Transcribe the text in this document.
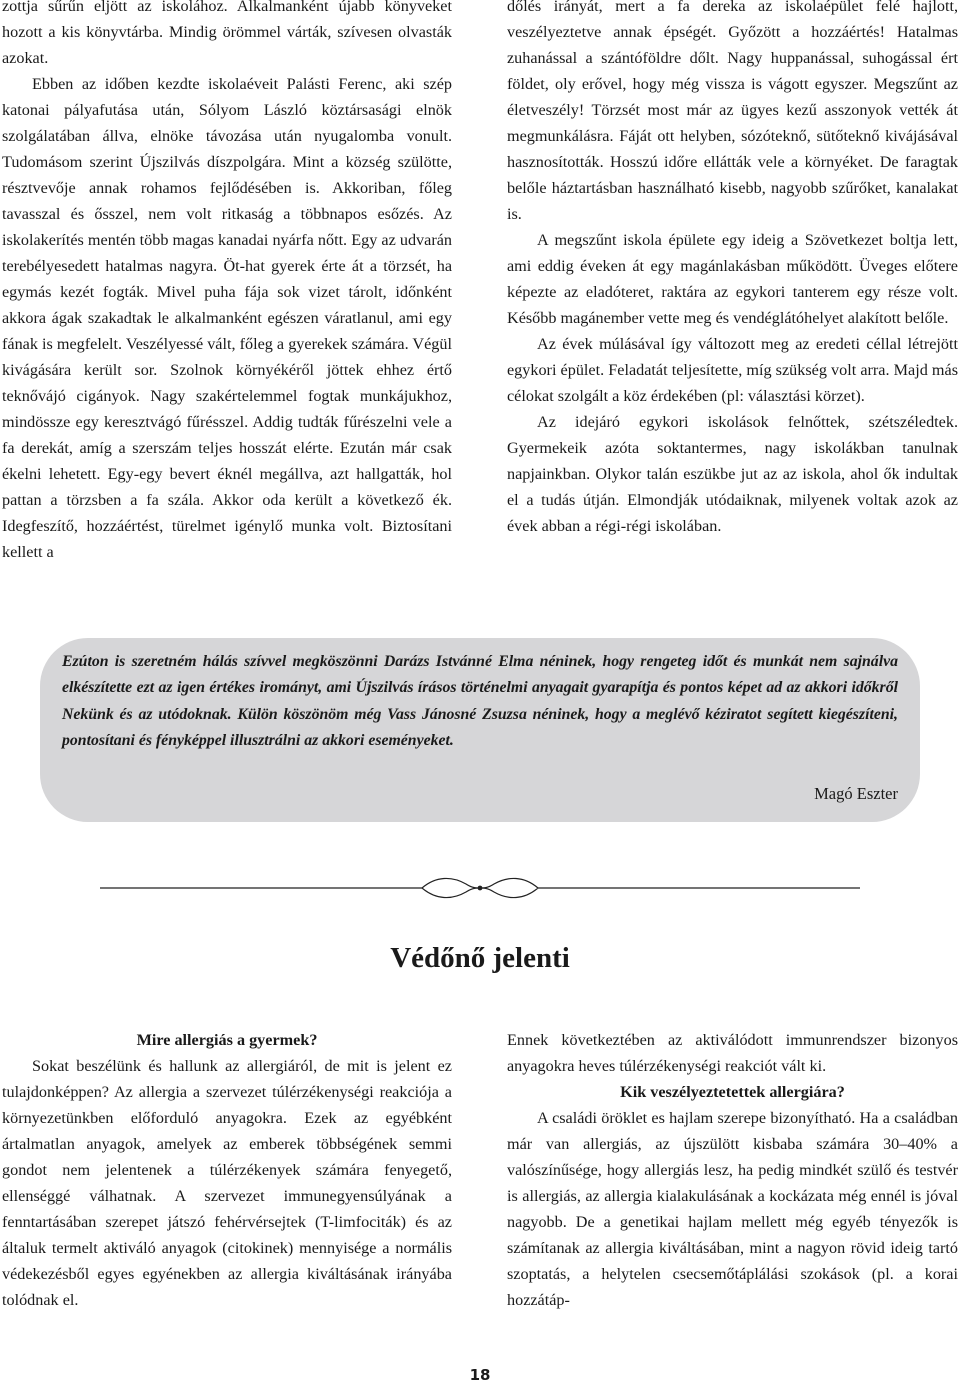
zottja sűrűn eljött az iskolához. Alkalmanként újabb könyveket hozott a kis könyvtárba. Mindig örömmel várták, szívesen olvasták azokat.

Ebben az időben kezdte iskolaéveit Palásti Ferenc, aki szép katonai pályafutása után, Sólyom László köztársasági elnök szolgálatában állva, elnöke távozása után nyugalomba vonult. Tudomásom szerint Újszilvás díszpolgára. Mint a község szülötte, résztvevője annak rohamos fejlődésében is. Akkoriban, főleg tavasszal és ősszel, nem volt ritkaság a többnapos esőzés. Az iskolakerítés mentén több magas kanadai nyárfa nőtt. Egy az udvarán terebélyesedett hatalmas nagyra. Öt-hat gyerek érte át a törzsét, ha egymás kezét fogták. Mivel puha fája sok vizet tárolt, időnként akkora ágak szakadtak le alkalmanként egészen váratlanul, ami egy fának is megfelelt. Veszélyessé vált, főleg a gyerekek számára. Végül kivágására került sor. Szolnok környékéről jöttek ehhez értő teknővájó cigányok. Nagy szakértelemmel fogtak munkájukhoz, mindössze egy keresztvágó fűrésszel. Addig tudták fűrészelni vele a fa derekát, amíg a szerszám teljes hosszát elérte. Ezután már csak ékelni lehetett. Egy-egy bevert éknél megállva, azt hallgatták, hol pattan a törzsben a fa szála. Akkor oda került a következő ék. Idegfeszítő, hozzáértést, türelmet igénylő munka volt. Biztosítani kellett a

dőlés irányát, mert a fa dereka az iskolaépület felé hajlott, veszélyeztetve annak épségét. Győzött a hozzáértés! Hatalmas zuhanással a szántóföldre dőlt. Nagy huppanással, suhogással ért földet, oly erővel, hogy még vissza is vágott egyszer. Megszűnt az életveszély! Törzsét most már az ügyes kezű asszonyok vették át megmunkálásra. Fáját ott helyben, sózóteknő, sütőteknő kivájásával hasznosították. Hosszú időre ellátták vele a környéket. De faragtak belőle háztartásban használható kisebb, nagyobb szűrőket, kanalakat is.

A megszűnt iskola épülete egy ideig a Szövetkezet boltja lett, ami eddig éveken át egy magánlakásban működött. Üveges előtere képezte az eladóteret, raktára az egykori tanterem egy része volt. Később magánember vette meg és vendéglátóhelyet alakított belőle.

Az évek múlásával így változott meg az eredeti céllal létrejött egykori épület. Feladatát teljesítette, míg szükség volt arra. Majd más célokat szolgált a köz érdekében (pl: választási körzet).

Az idejáró egykori iskolások felnőttek, szétszéledtek. Gyermekeik azóta soktantermes, nagy iskolákban tanulnak napjainkban. Olykor talán eszükbe jut az az iskola, ahol ők indultak el a tudás útján. Elmondják utódaiknak, milyenek voltak azok az évek abban a régi-régi iskolában.

Ezúton is szeretném hálás szívvel megköszönni Darázs Istvánné Elma néninek, hogy rengeteg időt és munkát nem sajnálva elkészítette ezt az igen értékes irományt, ami Újszilvás írásos történelmi anyagait gyarapítja és pontos képet ad az akkori időkről Nekünk és az utódoknak. Külön köszönöm még Vass Jánosné Zsuzsa néninek, hogy a meglévő kéziratot segített kiegészíteni, pontosítani és fényképpel illusztrálni az akkori eseményeket.

Magó Eszter
Védőnő jelenti

Mire allergiás a gyermek?

Sokat beszélünk és hallunk az allergiáról, de mit is jelent ez tulajdonképpen? Az allergia a szervezet túlérzékenységi reakciója a környezetünkben előforduló anyagokra. Ezek az egyébként ártalmatlan anyagok, amelyek az emberek többségének semmi gondot nem jelentenek a túlérzékenyek számára fenyegető, ellenséggé válhatnak. A szervezet immunegyensúlyának a fenntartásában szerepet játszó fehérvérsejtek (T-limfociták) és az általuk termelt aktiváló anyagok (citokinek) mennyisége a normális védekezésből egyes egyénekben az allergia kiváltásának irányába tolódnak el.

Ennek következtében az aktiválódott immunrendszer bizonyos anyagokra heves túlérzékenységi reakciót vált ki.

Kik veszélyeztetettek allergiára?

A családi öröklet es hajlam szerepe bizonyítható. Ha a családban már van allergiás, az újszülött kisbaba számára 30–40% a valószínűsége, hogy allergiás lesz, ha pedig mindkét szülő és testvér is allergiás, az allergia kialakulásának a kockázata még ennél is jóval nagyobb. De a genetikai hajlam mellett még egyéb tényezők is számítanak az allergia kiváltásában, mint a nagyon rövid ideig tartó szoptatás, a helytelen csecsemőtáplálási szokások (pl. a korai hozzátáp-

18
